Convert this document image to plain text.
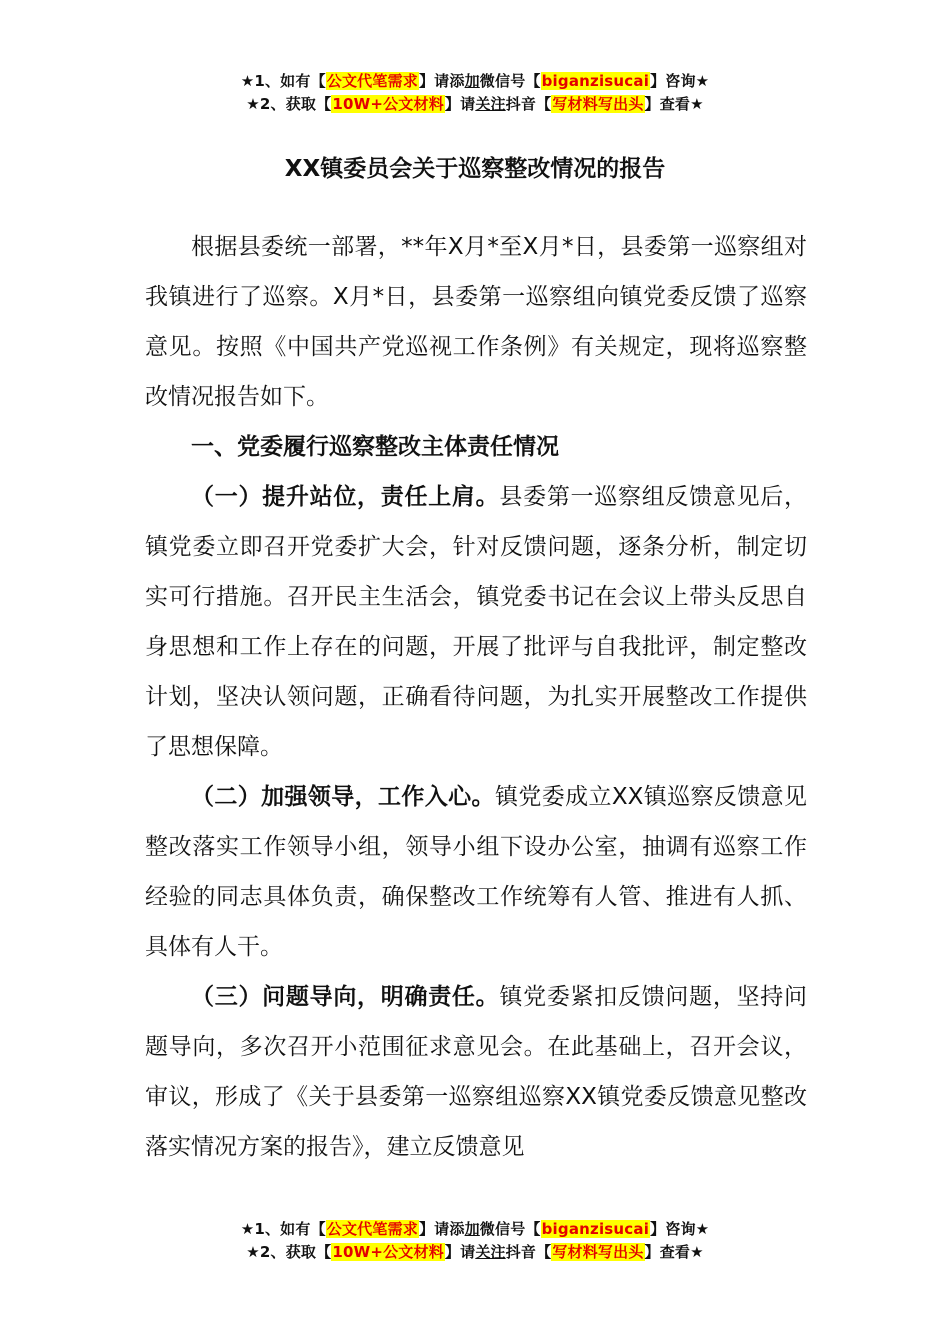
★1、如有【公文代笔需求】请添加微信号【biganzisucai】咨询★
★2、获取【10W+公文材料】请关注抖音【写材料写出头】查看★
XX镇委员会关于巡察整改情况的报告

根据县委统一部署，**年X月*至X月*日，县委第一巡察组对我镇进行了巡察。X月*日，县委第一巡察组向镇党委反馈了巡察意见。按照《中国共产党巡视工作条例》有关规定，现将巡察整改情况报告如下。

一、党委履行巡察整改主体责任情况

（一）提升站位，责任上肩。县委第一巡察组反馈意见后，镇党委立即召开党委扩大会，针对反馈问题，逐条分析，制定切实可行措施。召开民主生活会，镇党委书记在会议上带头反思自身思想和工作上存在的问题，开展了批评与自我批评，制定整改计划，坚决认领问题，正确看待问题，为扎实开展整改工作提供了思想保障。

（二）加强领导，工作入心。镇党委成立XX镇巡察反馈意见整改落实工作领导小组，领导小组下设办公室，抽调有巡察工作经验的同志具体负责，确保整改工作统筹有人管、推进有人抓、具体有人干。

（三）问题导向，明确责任。镇党委紧扣反馈问题，坚持问题导向，多次召开小范围征求意见会。在此基础上，召开会议，审议，形成了《关于县委第一巡察组巡察XX镇党委反馈意见整改落实情况方案的报告》，建立反馈意见

★1、如有【公文代笔需求】请添加微信号【biganzisucai】咨询★
★2、获取【10W+公文材料】请关注抖音【写材料写出头】查看★
